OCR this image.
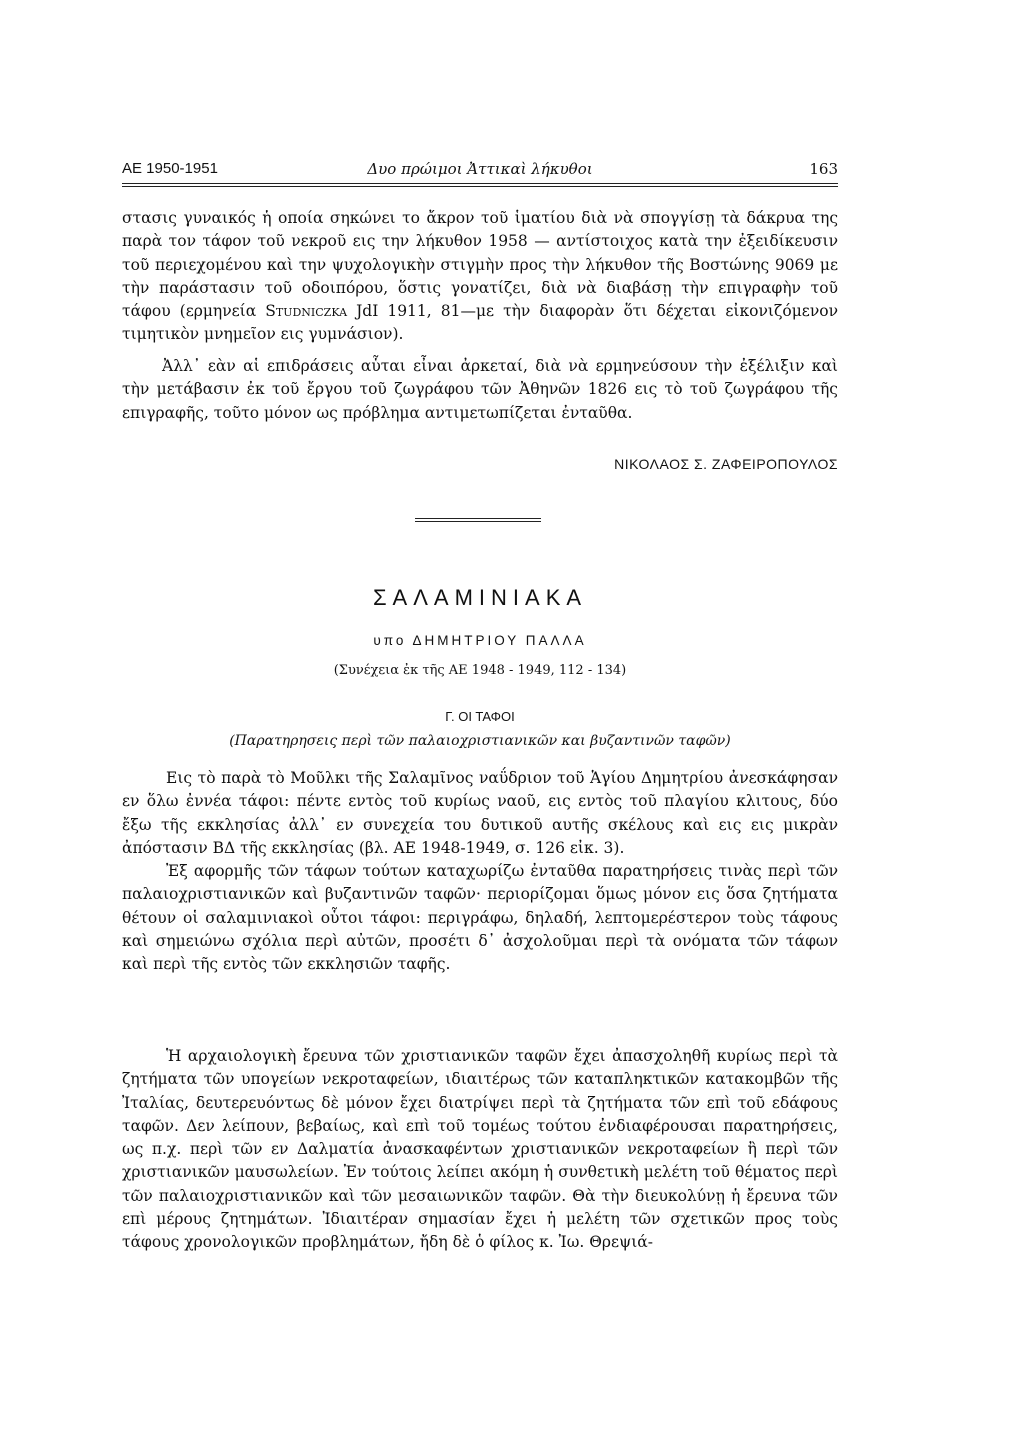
ΑΕ 1950-1951	Δυο πρώιμοι Ἀττικαὶ λήκυθοι	163
στασις γυναικός ἡ οποία σηκώνει το ἄκρον τοῦ ἱματίου διὰ νὰ σπογγίσῃ τὰ δάκρυα της παρὰ τον τάφον τοῦ νεκροῦ εις την λήκυθον 1958 — αντίστοιχος κατὰ την ἐξειδίκευσιν τοῦ περιεχομένου καὶ την ψυχολογικὴν στιγμὴν προς τὴν λήκυθον τῆς Βοστώνης 9069 με τὴν παράστασιν τοῦ οδοιπόρου, ὅστις γονατίζει, διὰ νὰ διαβάσῃ τὴν επιγραφὴν τοῦ τάφου (ερμηνεία Studniczka JdI 1911, 81—με τὴν διαφορὰν ὅτι δέχεται εἰκονιζόμενον τιμητικὸν μνημεῖον εις γυμνάσιον).
Ἀλλ᾽ εὰν αἱ επιδράσεις αὗται εἶναι ἀρκεταί, διὰ νὰ ερμηνεύσουν τὴν ἐξέλιξιν καὶ τὴν μετάβασιν ἐκ τοῦ ἔργου τοῦ ζωγράφου τῶν Ἀθηνῶν 1826 εις τὸ τοῦ ζωγράφου τῆς επιγραφῆς, τοῦτο μόνον ως πρόβλημα αντιμετωπίζεται ἐνταῦθα.
ΝΙΚΟΛΑΟΣ Σ. ΖΑΦΕΙΡΟΠΟΥΛΟΣ
ΣΑΛΑΜΙΝΙΑΚΑ
υπο ΔΗΜΗΤΡΙΟΥ ΠΑΛΛΑ
(Συνέχεια ἐκ τῆς ΑΕ 1948 - 1949, 112 - 134)
Γ. ΟΙ ΤΑΦΟΙ
(Παρατηρησεις περὶ τῶν παλαιοχριστιανικῶν και βυζαντινῶν ταφῶν)
Εις τὸ παρὰ τὸ Μοῦλκι τῆς Σαλαμῖνος ναΰδριον τοῦ Ἁγίου Δημητρίου ἀνεσκάφησαν εν ὅλω ἐννέα τάφοι: πέντε εντὸς τοῦ κυρίως ναοῦ, εις εντὸς τοῦ πλαγίου κλιτους, δύο ἔξω τῆς εκκλησίας ἀλλ᾽ εν συνεχεία του δυτικοῦ αυτῆς σκέλους καὶ εις εις μικρὰν ἀπόστασιν ΒΔ τῆς εκκλησίας (βλ. ΑΕ 1948-1949, σ. 126 εἰκ. 3).
Ἐξ αφορμῆς τῶν τάφων τούτων καταχωρίζω ἐνταῦθα παρατηρήσεις τινὰς περὶ τῶν παλαιοχριστιανικῶν καὶ βυζαντινῶν ταφῶν· περιορίζομαι ὅμως μόνον εις ὅσα ζητήματα θέτουν οἱ σαλαμινιακοὶ οὗτοι τάφοι: περιγράφω, δηλαδή, λεπτομερέστερον τοὺς τάφους καὶ σημειώνω σχόλια περὶ αὐτῶν, προσέτι δ᾽ ἀσχολοῦμαι περὶ τὰ ονόματα τῶν τάφων καὶ περὶ τῆς εντὸς τῶν εκκλησιῶν ταφῆς.
Ἡ αρχαιολογικὴ ἔρευνα τῶν χριστιανικῶν ταφῶν ἔχει ἀπασχοληθῆ κυρίως περὶ τὰ ζητήματα τῶν υπογείων νεκροταφείων, ιδιαιτέρως τῶν καταπληκτικῶν κατακομβῶν τῆς Ἰταλίας, δευτερευόντως δὲ μόνον ἔχει διατρίψει περὶ τὰ ζητήματα τῶν επὶ τοῦ εδάφους ταφῶν. Δεν λείπουν, βεβαίως, καὶ επὶ τοῦ τομέως τούτου ἐνδιαφέρουσαι παρατηρήσεις, ως π.χ. περὶ τῶν εν Δαλματία ἀνασκαφέντων χριστιανικῶν νεκροταφείων ἢ περὶ τῶν χριστιανικῶν μαυσωλείων. Ἐν τούτοις λείπει ακόμη ἡ συνθετικὴ μελέτη τοῦ θέματος περὶ τῶν παλαιοχριστιανικῶν καὶ τῶν μεσαιωνικῶν ταφῶν. Θὰ τὴν διευκολύνῃ ἡ ἔρευνα τῶν επὶ μέρους ζητημάτων. Ἰδιαιτέραν σημασίαν ἔχει ἡ μελέτη τῶν σχετικῶν προς τοὺς τάφους χρονολογικῶν προβλημάτων, ἤδη δὲ ὁ φίλος κ. Ἰω. Θρεψιά-
